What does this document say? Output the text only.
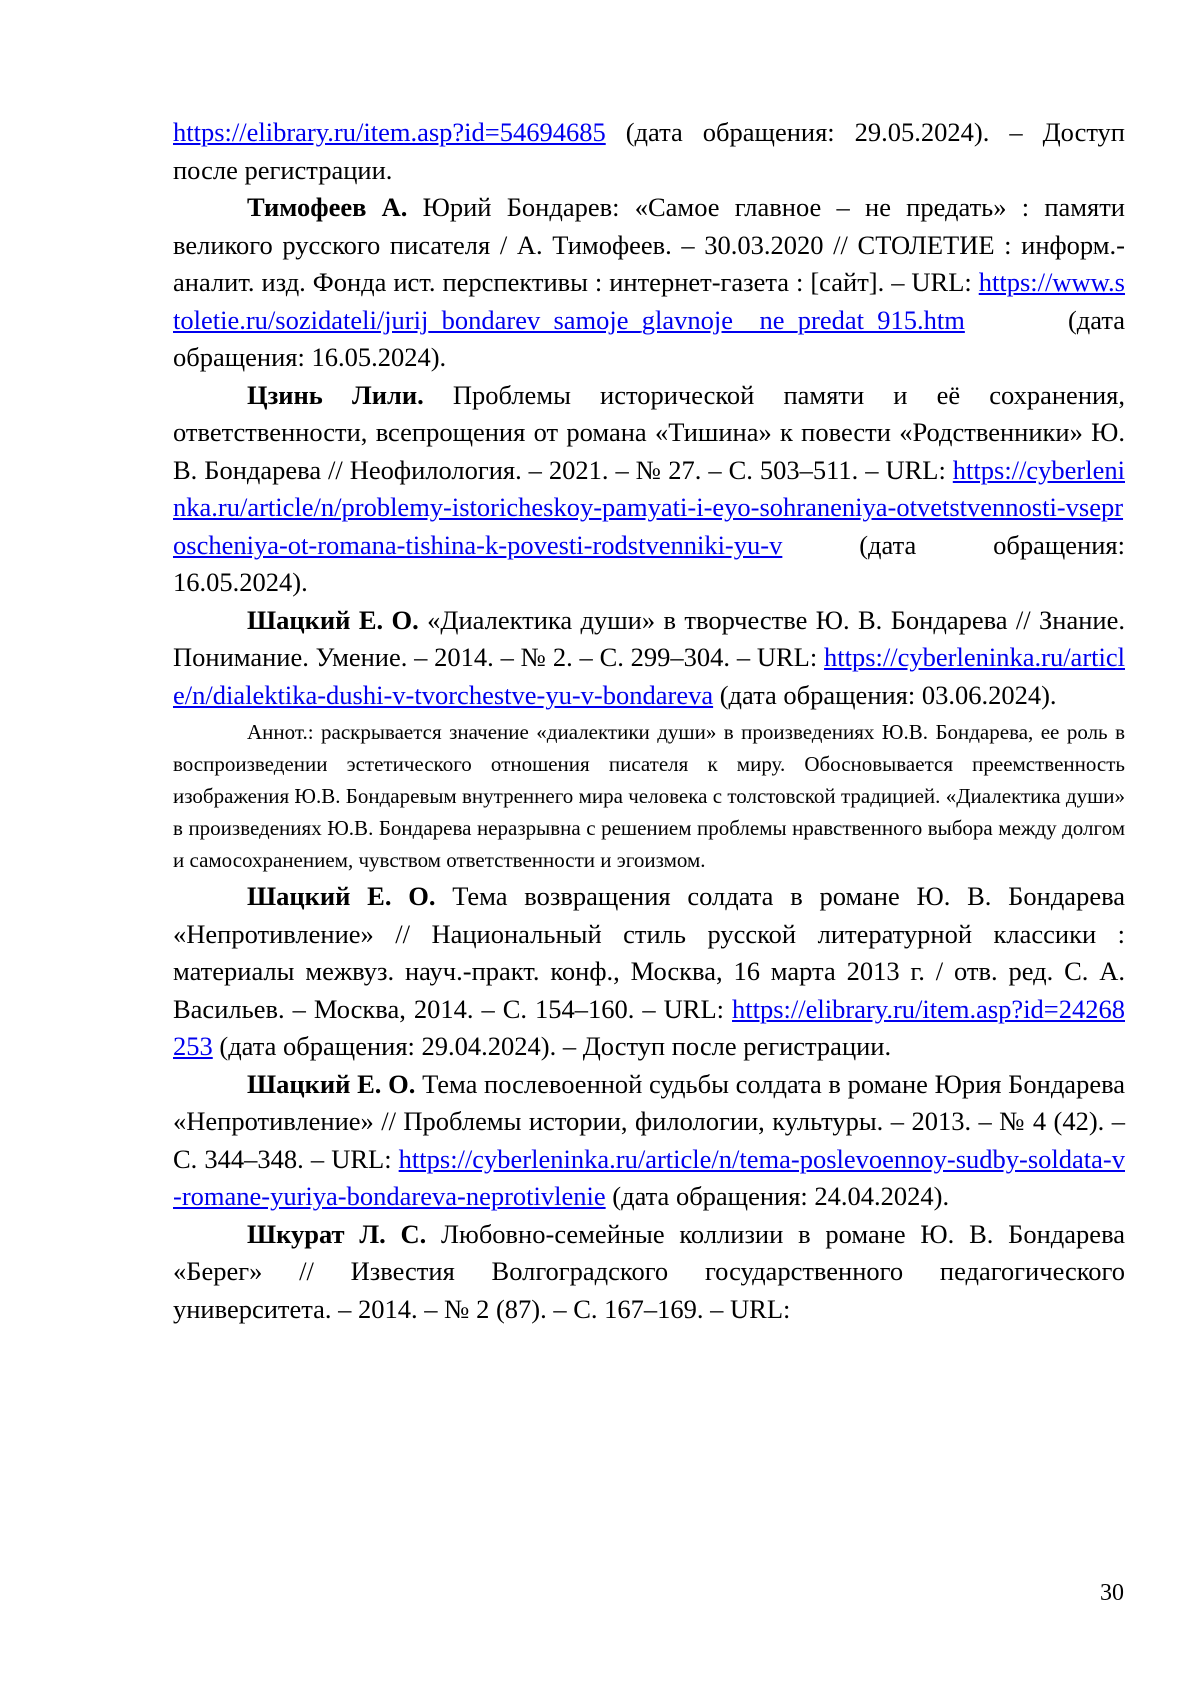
https://elibrary.ru/item.asp?id=54694685 (дата обращения: 29.05.2024). – Доступ после регистрации.

Тимофеев А. Юрий Бондарев: «Самое главное – не предать» : памяти великого русского писателя / А. Тимофеев. – 30.03.2020 // СТОЛЕТИЕ : информ.-аналит. изд. Фонда ист. перспективы : интернет-газета : [сайт]. – URL: https://www.stoletie.ru/sozidateli/jurij_bondarev_samoje_glavnoje__ne_predat_915.htm (дата обращения: 16.05.2024).

Цзинь Лили. Проблемы исторической памяти и её сохранения, ответственности, всепрощения от романа «Тишина» к повести «Родственники» Ю. В. Бондарева // Неофилология. – 2021. – № 27. – С. 503–511. – URL: https://cyberleninka.ru/article/n/problemy-istoricheskoy-pamyati-i-eyo-sohraneniya-otvetstvennosti-vseproscheniya-ot-romana-tishina-k-povesti-rodstvenniki-yu-v (дата обращения: 16.05.2024).

Шацкий Е. О. «Диалектика души» в творчестве Ю. В. Бондарева // Знание. Понимание. Умение. – 2014. – № 2. – С. 299–304. – URL: https://cyberleninka.ru/article/n/dialektika-dushi-v-tvorchestve-yu-v-bondareva (дата обращения: 03.06.2024).

Аннот.: раскрывается значение «диалектики души» в произведениях Ю.В. Бондарева, ее роль в воспроизведении эстетического отношения писателя к миру. Обосновывается преемственность изображения Ю.В. Бондаревым внутреннего мира человека с толстовской традицией. «Диалектика души» в произведениях Ю.В. Бондарева неразрывна с решением проблемы нравственного выбора между долгом и самосохранением, чувством ответственности и эгоизмом.

Шацкий Е. О. Тема возвращения солдата в романе Ю. В. Бондарева «Непротивление» // Национальный стиль русской литературной классики : материалы межвуз. науч.-практ. конф., Москва, 16 марта 2013 г. / отв. ред. С. А. Васильев. – Москва, 2014. – С. 154–160. – URL: https://elibrary.ru/item.asp?id=24268253 (дата обращения: 29.04.2024). – Доступ после регистрации.

Шацкий Е. О. Тема послевоенной судьбы солдата в романе Юрия Бондарева «Непротивление» // Проблемы истории, филологии, культуры. – 2013. – № 4 (42). – С. 344–348. – URL: https://cyberleninka.ru/article/n/tema-poslevoennoy-sudby-soldata-v-romane-yuriya-bondareva-neprotivlenie (дата обращения: 24.04.2024).

Шкурат Л. С. Любовно-семейные коллизии в романе Ю. В. Бондарева «Берег» // Известия Волгоградского государственного педагогического университета. – 2014. – № 2 (87). – С. 167–169. – URL:

30
